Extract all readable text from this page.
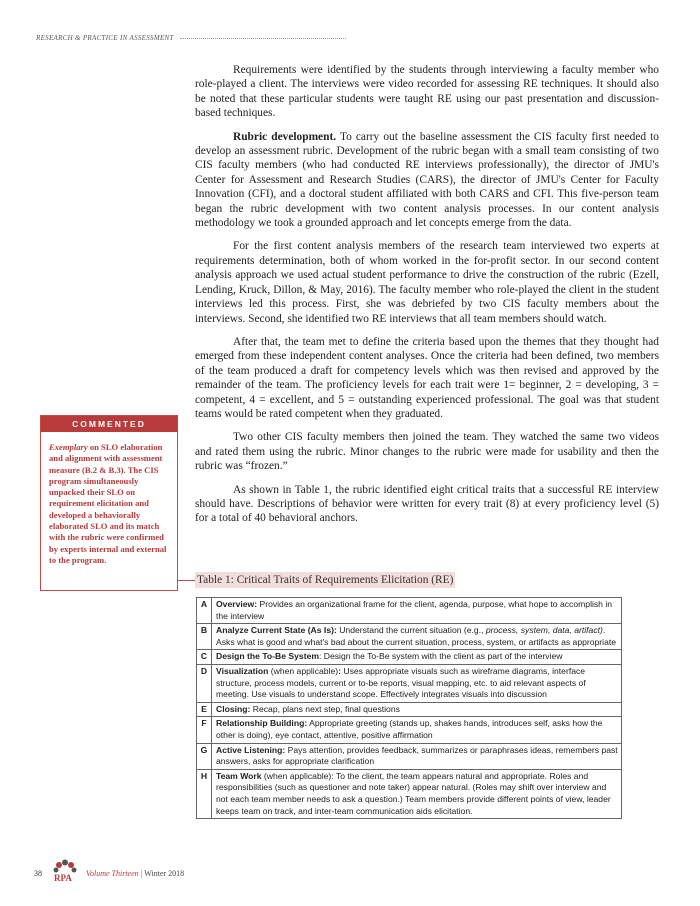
RESEARCH & PRACTICE IN ASSESSMENT

Requirements were identified by the students through interviewing a faculty member who role-played a client. The interviews were video recorded for assessing RE techniques. It should also be noted that these particular students were taught RE using our past presentation and discussion-based techniques.

Rubric development. To carry out the baseline assessment the CIS faculty first needed to develop an assessment rubric. Development of the rubric began with a small team consisting of two CIS faculty members (who had conducted RE interviews professionally), the director of JMU's Center for Assessment and Research Studies (CARS), the director of JMU's Center for Faculty Innovation (CFI), and a doctoral student affiliated with both CARS and CFI. This five-person team began the rubric development with two content analysis processes. In our content analysis methodology we took a grounded approach and let concepts emerge from the data.

For the first content analysis members of the research team interviewed two experts at requirements determination, both of whom worked in the for-profit sector. In our second content analysis approach we used actual student performance to drive the construction of the rubric (Ezell, Lending, Kruck, Dillon, & May, 2016). The faculty member who role-played the client in the student interviews led this process. First, she was debriefed by two CIS faculty members about the interviews. Second, she identified two RE interviews that all team members should watch.

After that, the team met to define the criteria based upon the themes that they thought had emerged from these independent content analyses. Once the criteria had been defined, two members of the team produced a draft for competency levels which was then revised and approved by the remainder of the team. The proficiency levels for each trait were 1= beginner, 2 = developing, 3 = competent, 4 = excellent, and 5 = outstanding experienced professional. The goal was that student teams would be rated competent when they graduated.

Two other CIS faculty members then joined the team. They watched the same two videos and rated them using the rubric. Minor changes to the rubric were made for usability and then the rubric was “frozen.”

As shown in Table 1, the rubric identified eight critical traits that a successful RE interview should have. Descriptions of behavior were written for every trait (8) at every proficiency level (5) for a total of 40 behavioral anchors.

COMMENTED
Exemplary on SLO elaboration and alignment with assessment measure (B.2 & B.3). The CIS program simultaneously unpacked their SLO on requirement elicitation and developed a behaviorally elaborated SLO and its match with the rubric were confirmed by experts internal and external to the program.
Table 1: Critical Traits of Requirements Elicitation (RE)
A	Overview: Provides an organizational frame for the client, agenda, purpose, what hope to accomplish in the interview
B	Analyze Current State (As Is): Understand the current situation (e.g., process, system, data, artifact). Asks what is good and what's bad about the current situation, process, system, or artifacts as appropriate
C	Design the To-Be System: Design the To-Be system with the client as part of the interview
D	Visualization (when applicable): Uses appropriate visuals such as wireframe diagrams, interface structure, process models, current or to-be reports, visual mapping, etc. to aid relevant aspects of meeting. Use visuals to understand scope. Effectively integrates visuals into discussion
E	Closing: Recap, plans next step, final questions
F	Relationship Building: Appropriate greeting (stands up, shakes hands, introduces self, asks how the other is doing), eye contact, attentive, positive affirmation
G	Active Listening: Pays attention, provides feedback, summarizes or paraphrases ideas, remembers past answers, asks for appropriate clarification
H	Team Work (when applicable): To the client, the team appears natural and appropriate. Roles and responsibilities (such as questioner and note taker) appear natural. (Roles may shift over interview and not each team member needs to ask a question.) Team members provide different points of view, leader keeps team on track, and inter-team communication aids elicitation.
38 RPA Volume Thirteen | Winter 2018
